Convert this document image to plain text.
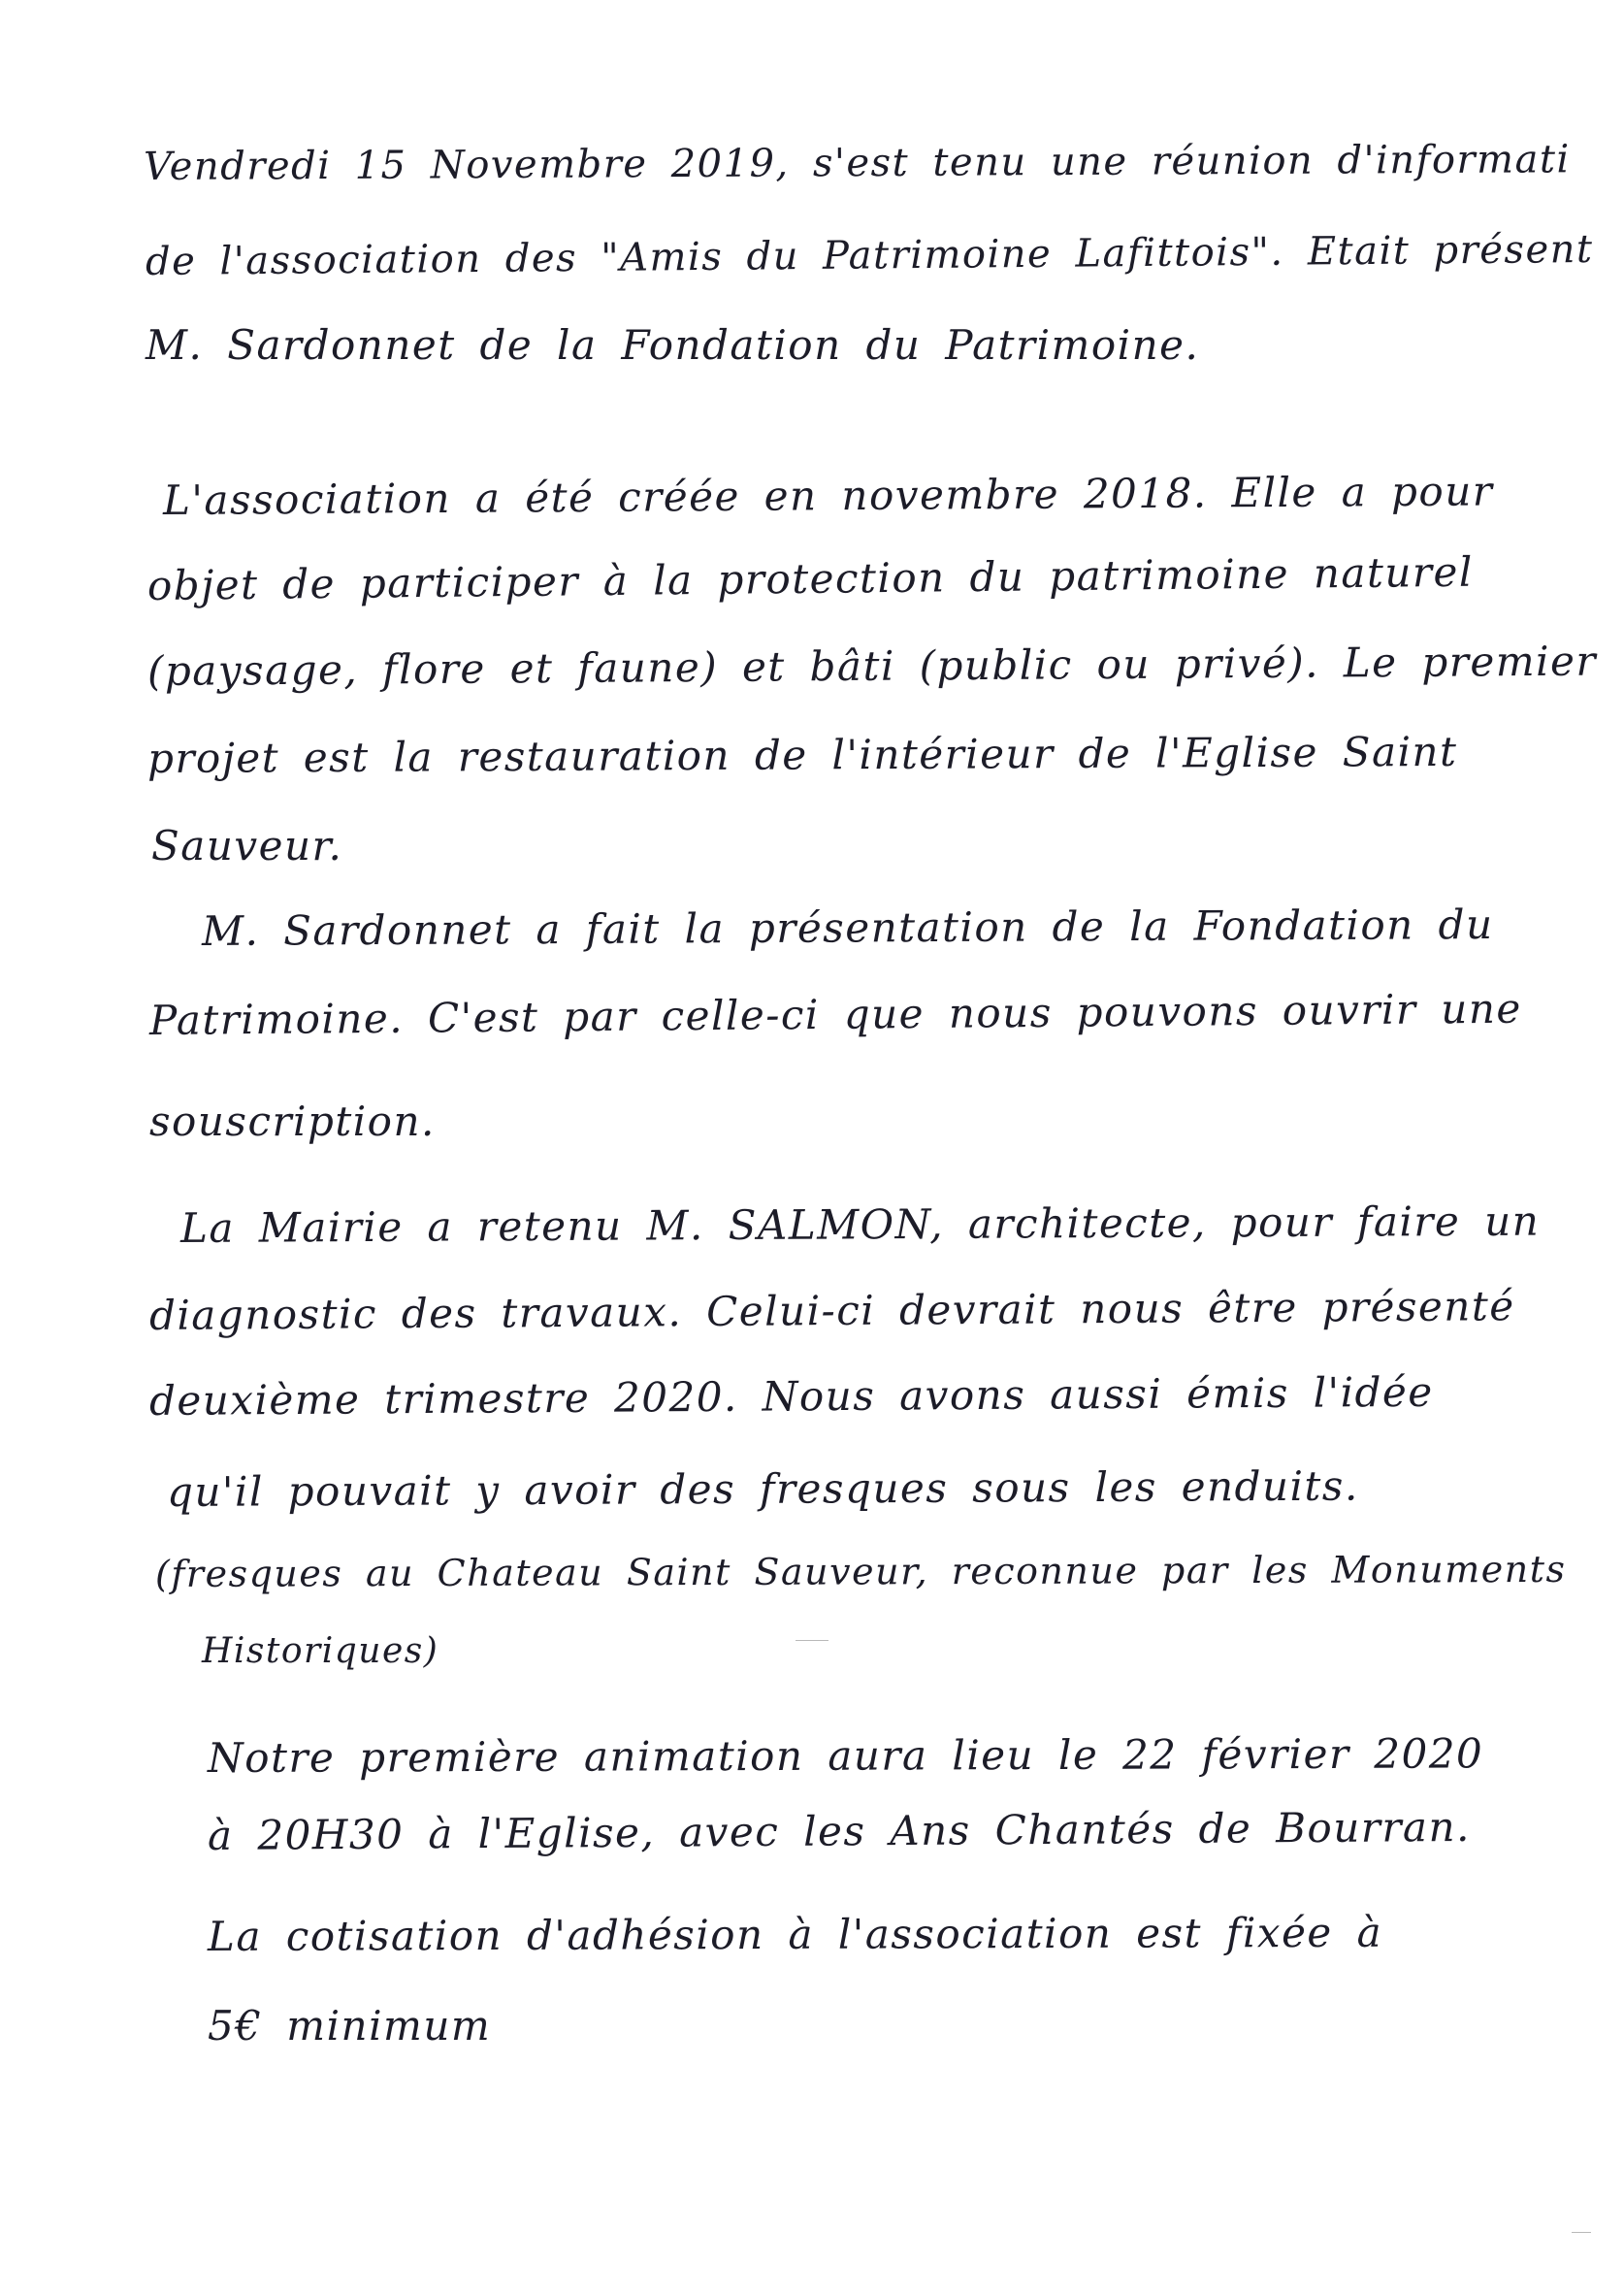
Vendredi 15 Novembre 2019, s'est tenu une réunion d'informati
de l'association des "Amis du Patrimoine Lafittois". Etait présent
M. Sardonnet de la Fondation du Patrimoine.
L'association a été créée en novembre 2018. Elle a pour
objet de participer à la protection du patrimoine naturel
(paysage, flore et faune) et bâti (public ou privé). Le premier
projet est la restauration de l'intérieur de l'Eglise Saint
Sauveur.
M. Sardonnet a fait la présentation de la Fondation du
Patrimoine. C'est par celle-ci que nous pouvons ouvrir une
souscription.
La Mairie a retenu M. SALMON, architecte, pour faire un
diagnostic des travaux. Celui-ci devrait nous être présenté
deuxième trimestre 2020. Nous avons aussi émis l'idée
qu'il pouvait y avoir des fresques sous les enduits.
(fresques au Chateau Saint Sauveur, reconnue par les Monuments
Historiques)
Notre première animation aura lieu le 22 février 2020
à 20H30 à l'Eglise, avec les Ans Chantés de Bourran.
La cotisation d'adhésion à l'association est fixée à
5€ minimum
